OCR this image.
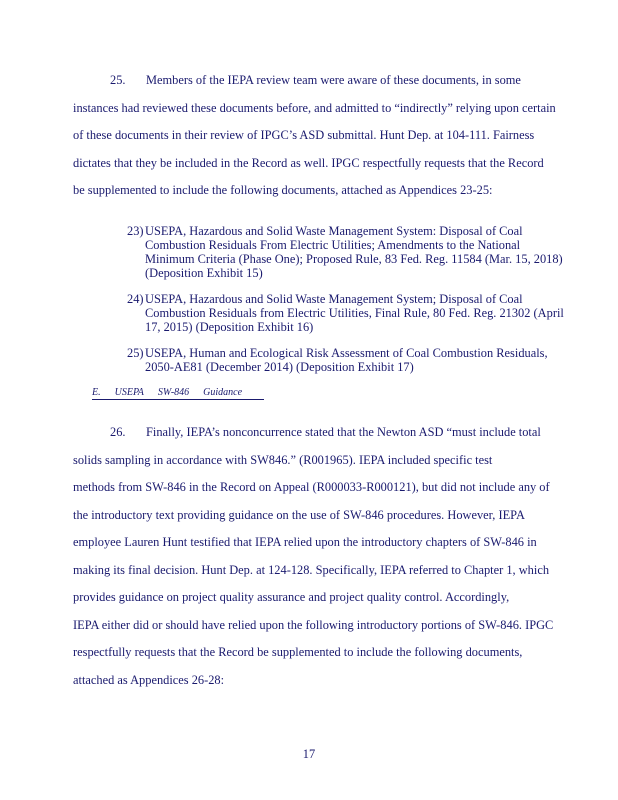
25. Members of the IEPA review team were aware of these documents, in some
instances had reviewed these documents before, and admitted to “indirectly” relying upon certain
of these documents in their review of IPGC’s ASD submittal. Hunt Dep. at 104-111. Fairness
dictates that they be included in the Record as well. IPGC respectfully requests that the Record
be supplemented to include the following documents, attached as Appendices 23-25:
23) USEPA, Hazardous and Solid Waste Management System: Disposal of Coal Combustion Residuals From Electric Utilities; Amendments to the National Minimum Criteria (Phase One); Proposed Rule, 83 Fed. Reg. 11584 (Mar. 15, 2018) (Deposition Exhibit 15)
24) USEPA, Hazardous and Solid Waste Management System; Disposal of Coal Combustion Residuals from Electric Utilities, Final Rule, 80 Fed. Reg. 21302 (April 17, 2015) (Deposition Exhibit 16)
25) USEPA, Human and Ecological Risk Assessment of Coal Combustion Residuals, 2050-AE81 (December 2014) (Deposition Exhibit 17)
E. USEPA SW-846 Guidance
26. Finally, IEPA’s nonconcurrence stated that the Newton ASD “must include total
solids sampling in accordance with SW846.” (R001965). IEPA included specific test
methods from SW-846 in the Record on Appeal (R000033-R000121), but did not include any of
the introductory text providing guidance on the use of SW-846 procedures. However, IEPA
employee Lauren Hunt testified that IEPA relied upon the introductory chapters of SW-846 in
making its final decision. Hunt Dep. at 124-128. Specifically, IEPA referred to Chapter 1, which
provides guidance on project quality assurance and project quality control. Accordingly,
IEPA either did or should have relied upon the following introductory portions of SW-846. IPGC
respectfully requests that the Record be supplemented to include the following documents,
attached as Appendices 26-28:
17
